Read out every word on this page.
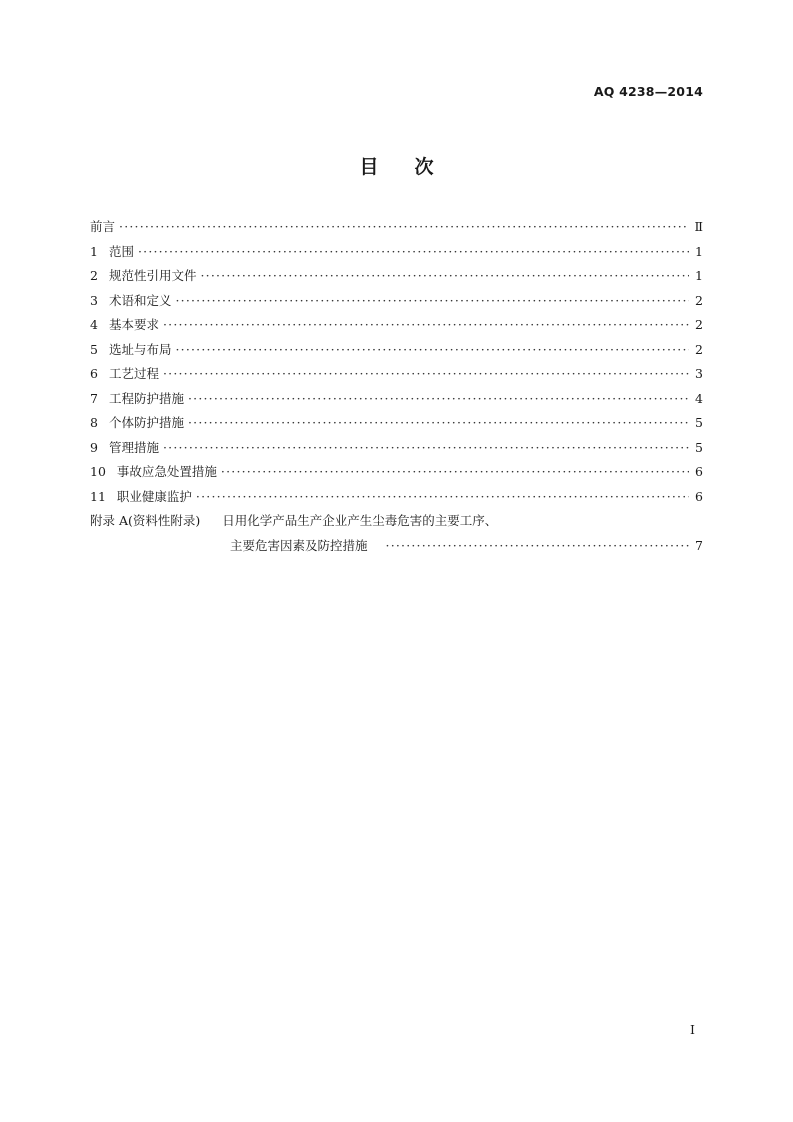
AQ 4238—2014
目次
前言 ·····	Ⅱ
1 范围 ·····	1
2 规范性引用文件 ·····	1
3 术语和定义 ·····	2
4 基本要求 ·····	2
5 选址与布局 ·····	2
6 工艺过程 ·····	3
7 工程防护措施 ·····	4
8 个体防护措施 ·····	5
9 管理措施 ·····	5
10 事故应急处置措施 ·····	6
11 职业健康监护 ·····	6
附录 A(资料性附录) 日用化学产品生产企业产生尘毒危害的主要工序、
主要危害因素及防控措施 ·····	7
Ⅰ
